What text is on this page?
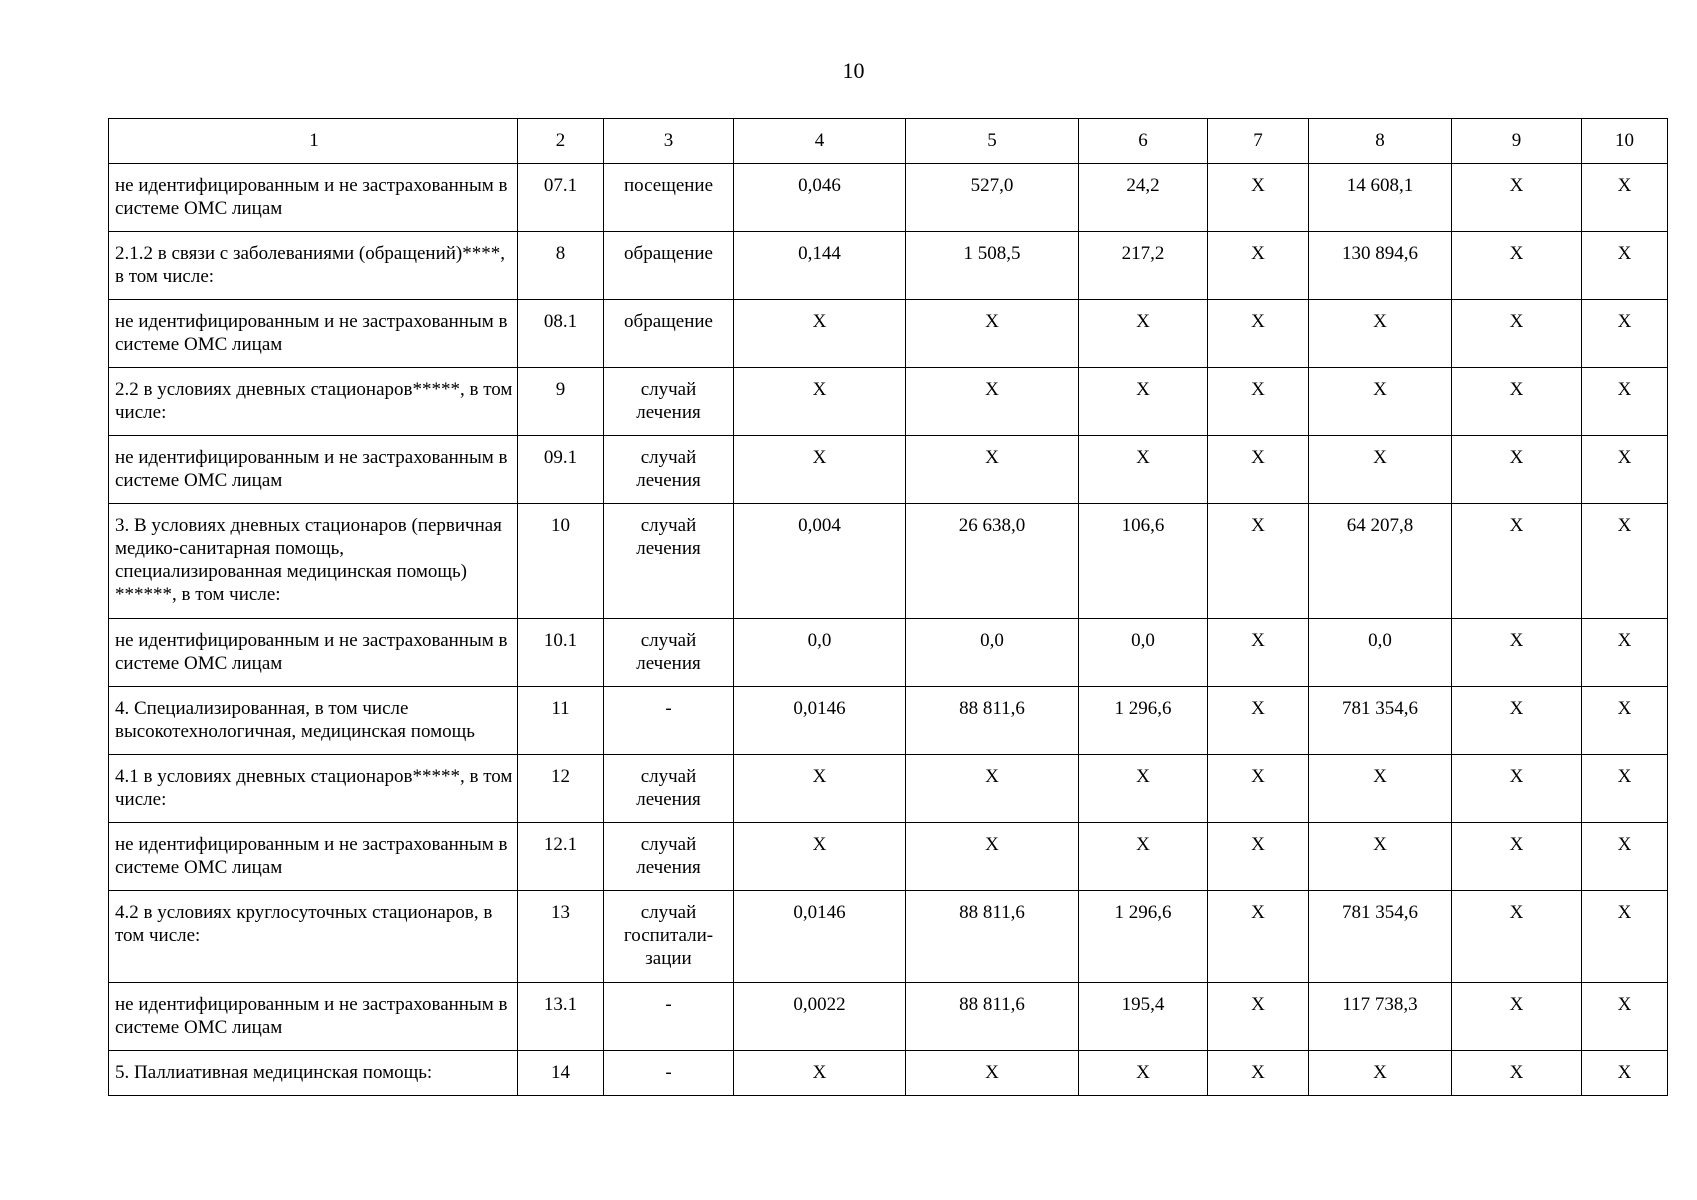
10
1	2	3	4	5	6	7	8	9	10
не идентифицированным и не застрахованным в системе ОМС лицам	07.1	посещение	0,046	527,0	24,2	Х	14 608,1	Х	Х
2.1.2 в связи с заболеваниями (обращений)****, в том числе:	8	обращение	0,144	1 508,5	217,2	Х	130 894,6	Х	Х
не идентифицированным и не застрахованным в системе ОМС лицам	08.1	обращение	Х	Х	Х	Х	Х	Х	Х
2.2 в условиях дневных стационаров*****, в том числе:	9	случай лечения	Х	Х	Х	Х	Х	Х	Х
не идентифицированным и не застрахованным в системе ОМС лицам	09.1	случай лечения	Х	Х	Х	Х	Х	Х	Х
3. В условиях дневных стационаров (первичная медико-санитарная помощь, специализированная медицинская помощь) ******, в том числе:	10	случай лечения	0,004	26 638,0	106,6	Х	64 207,8	Х	Х
не идентифицированным и не застрахованным в системе ОМС лицам	10.1	случай лечения	0,0	0,0	0,0	Х	0,0	Х	Х
4. Специализированная, в том числе высокотехнологичная, медицинская помощь	11	-	0,0146	88 811,6	1 296,6	Х	781 354,6	Х	Х
4.1 в условиях дневных стационаров*****, в том числе:	12	случай лечения	Х	Х	Х	Х	Х	Х	Х
не идентифицированным и не застрахованным в системе ОМС лицам	12.1	случай лечения	Х	Х	Х	Х	Х	Х	Х
4.2 в условиях круглосуточных стационаров, в том числе:	13	случай госпитали-зации	0,0146	88 811,6	1 296,6	Х	781 354,6	Х	Х
не идентифицированным и не застрахованным в системе ОМС лицам	13.1	-	0,0022	88 811,6	195,4	Х	117 738,3	Х	Х
5. Паллиативная медицинская помощь:	14	-	Х	Х	Х	Х	Х	Х	Х
